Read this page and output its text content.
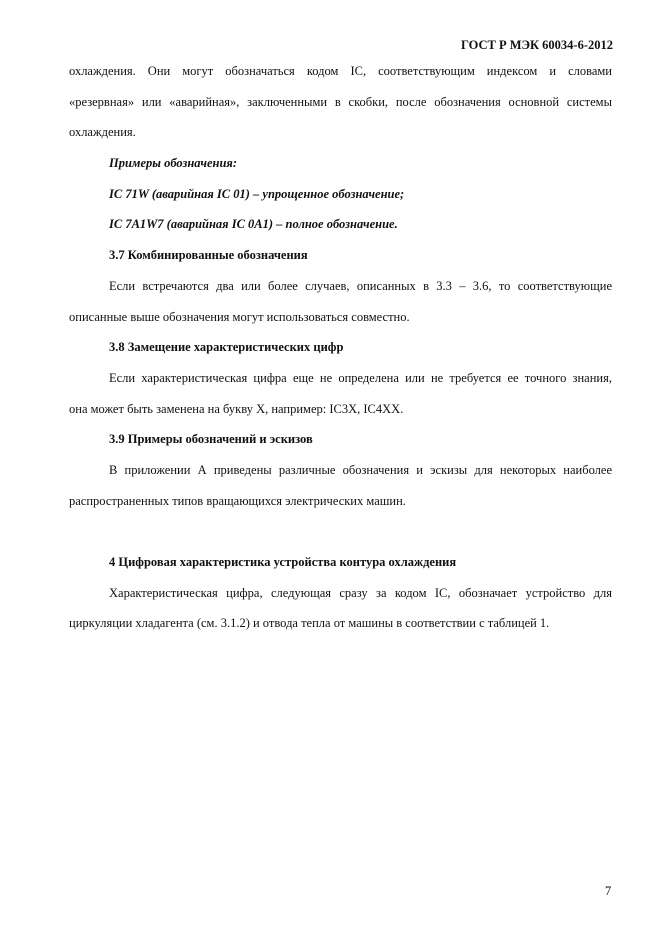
ГОСТ Р МЭК 60034-6-2012
охлаждения. Они могут обозначаться кодом IC, соответствующим индексом и словами
«резервная» или «аварийная», заключенными в скобки, после обозначения основной системы
охлаждения.
Примеры обозначения:
IC 71W (аварийная IC 01) – упрощенное обозначение;
IC 7A1W7 (аварийная IC 0A1) – полное обозначение.
3.7 Комбинированные обозначения
Если встречаются два или более случаев, описанных в 3.3 – 3.6, то соответствующие
описанные выше обозначения могут использоваться совместно.
3.8 Замещение характеристических цифр
Если характеристическая цифра еще не определена или не требуется ее точного знания,
она может быть заменена на букву X, например: IC3X, IC4XX.
3.9 Примеры обозначений и эскизов
В приложении А приведены различные обозначения и эскизы для некоторых наиболее
распространенных типов вращающихся электрических машин.
4 Цифровая характеристика устройства контура охлаждения
Характеристическая цифра, следующая сразу за кодом IC, обозначает устройство для
циркуляции хладагента (см. 3.1.2) и отвода тепла от машины в соответствии с таблицей 1.
7
